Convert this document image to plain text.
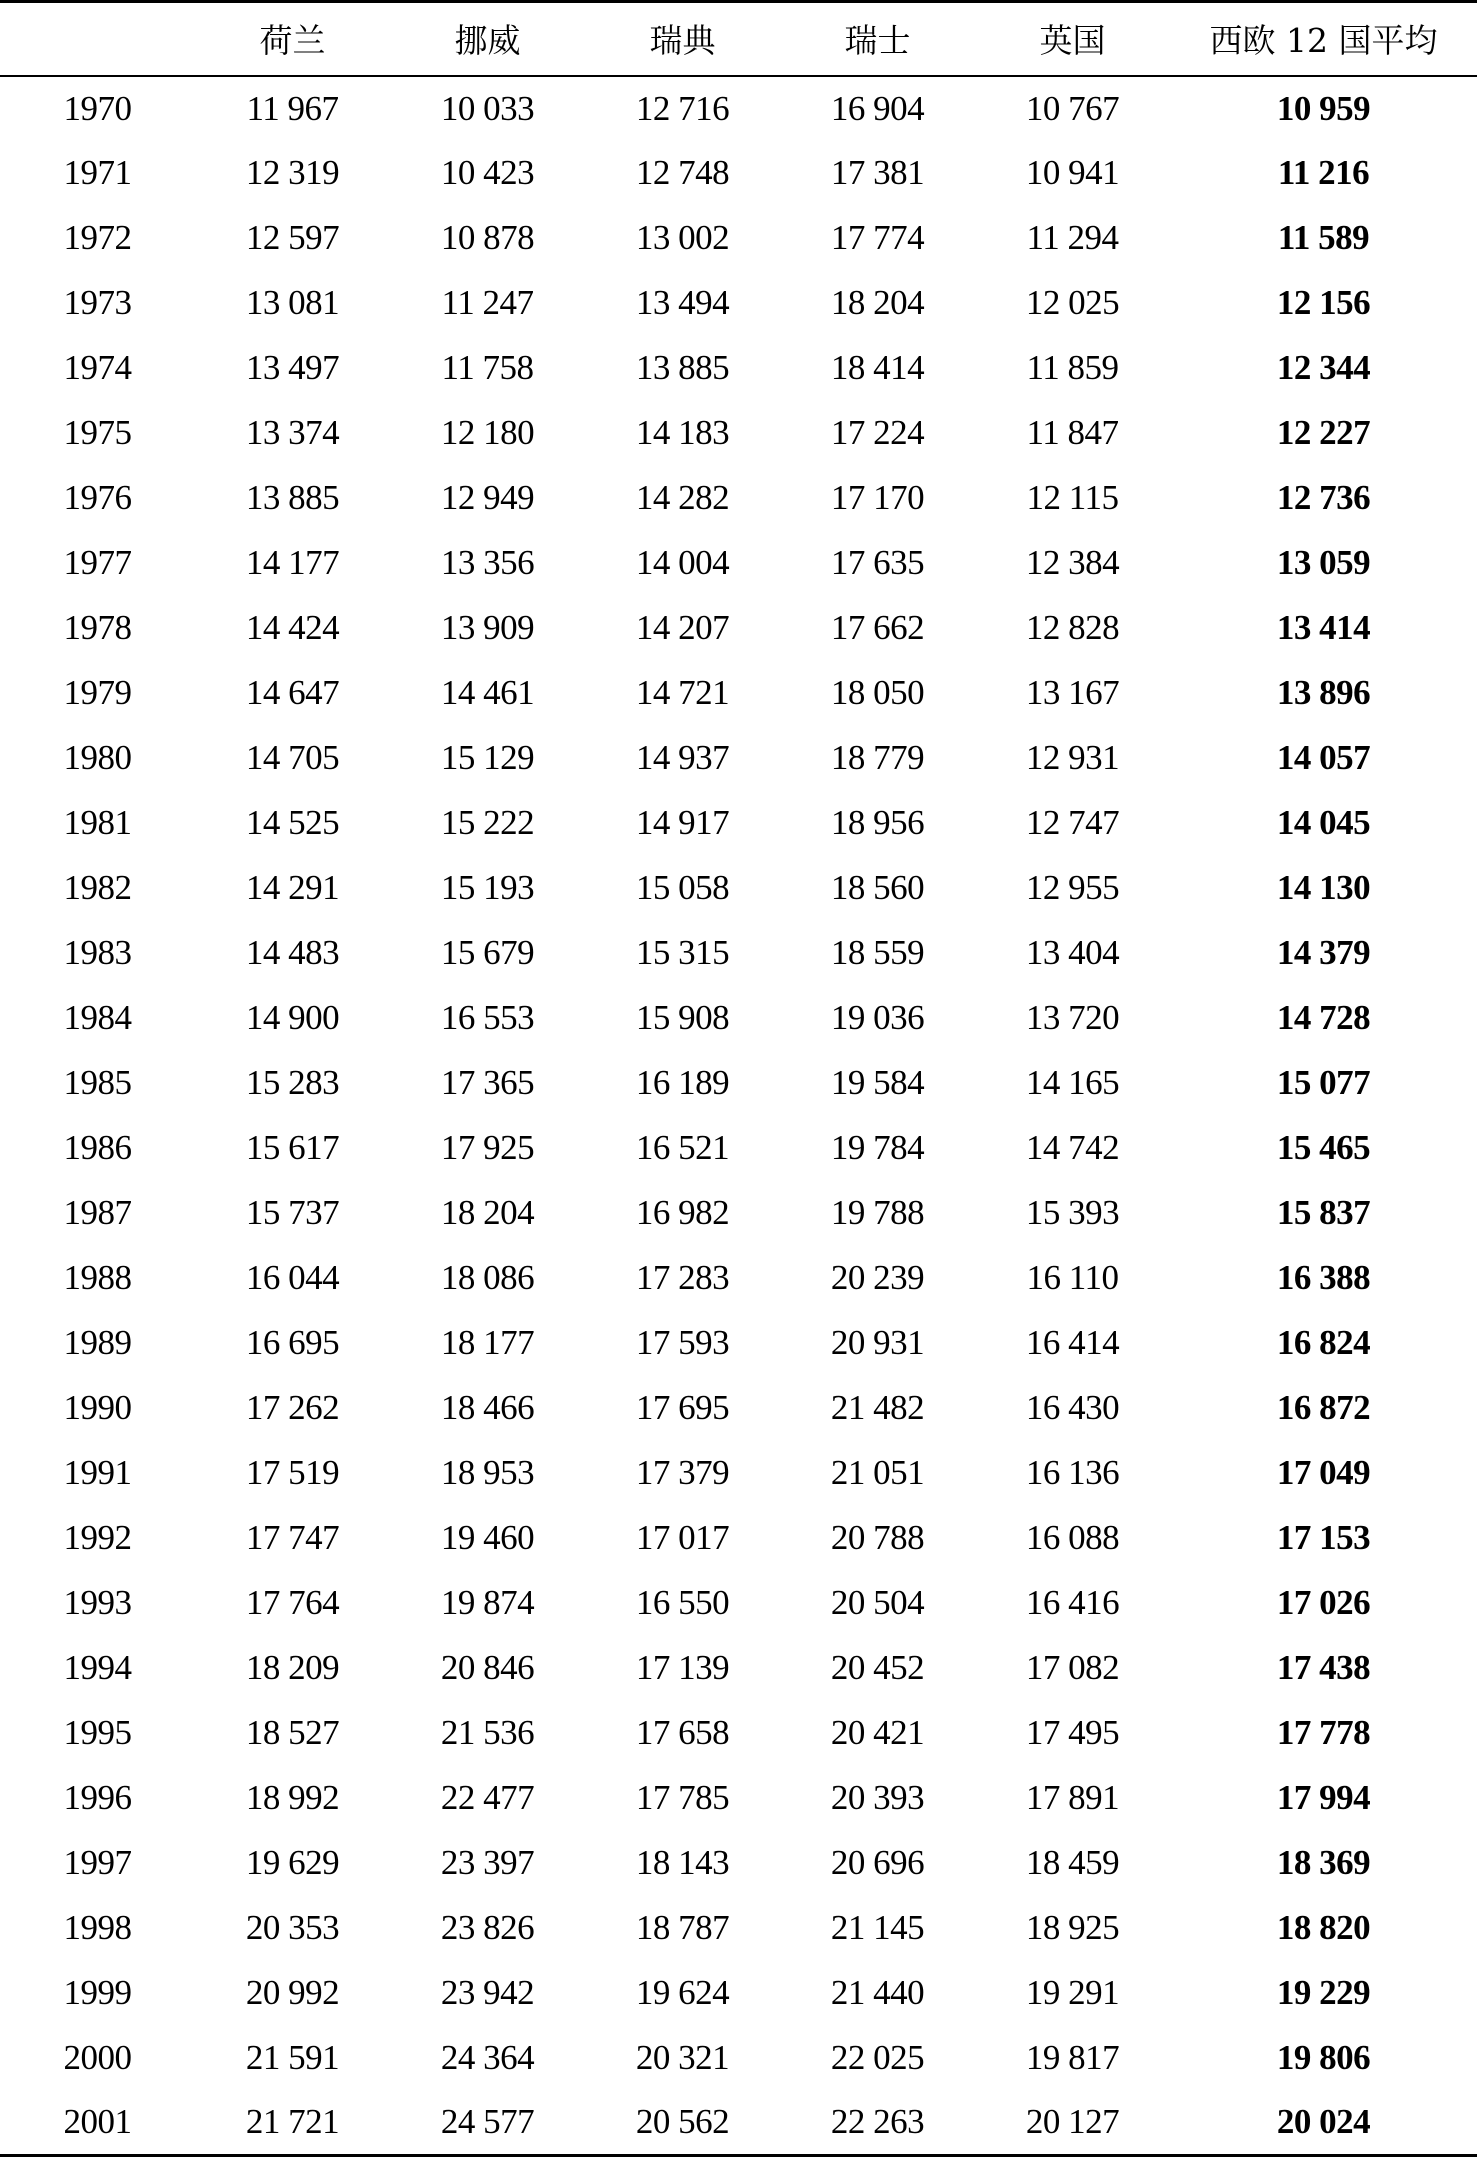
	荷兰	挪威	瑞典	瑞士	英国	西欧 12 国平均
1970	11 967	10 033	12 716	16 904	10 767	10 959
1971	12 319	10 423	12 748	17 381	10 941	11 216
1972	12 597	10 878	13 002	17 774	11 294	11 589
1973	13 081	11 247	13 494	18 204	12 025	12 156
1974	13 497	11 758	13 885	18 414	11 859	12 344
1975	13 374	12 180	14 183	17 224	11 847	12 227
1976	13 885	12 949	14 282	17 170	12 115	12 736
1977	14 177	13 356	14 004	17 635	12 384	13 059
1978	14 424	13 909	14 207	17 662	12 828	13 414
1979	14 647	14 461	14 721	18 050	13 167	13 896
1980	14 705	15 129	14 937	18 779	12 931	14 057
1981	14 525	15 222	14 917	18 956	12 747	14 045
1982	14 291	15 193	15 058	18 560	12 955	14 130
1983	14 483	15 679	15 315	18 559	13 404	14 379
1984	14 900	16 553	15 908	19 036	13 720	14 728
1985	15 283	17 365	16 189	19 584	14 165	15 077
1986	15 617	17 925	16 521	19 784	14 742	15 465
1987	15 737	18 204	16 982	19 788	15 393	15 837
1988	16 044	18 086	17 283	20 239	16 110	16 388
1989	16 695	18 177	17 593	20 931	16 414	16 824
1990	17 262	18 466	17 695	21 482	16 430	16 872
1991	17 519	18 953	17 379	21 051	16 136	17 049
1992	17 747	19 460	17 017	20 788	16 088	17 153
1993	17 764	19 874	16 550	20 504	16 416	17 026
1994	18 209	20 846	17 139	20 452	17 082	17 438
1995	18 527	21 536	17 658	20 421	17 495	17 778
1996	18 992	22 477	17 785	20 393	17 891	17 994
1997	19 629	23 397	18 143	20 696	18 459	18 369
1998	20 353	23 826	18 787	21 145	18 925	18 820
1999	20 992	23 942	19 624	21 440	19 291	19 229
2000	21 591	24 364	20 321	22 025	19 817	19 806
2001	21 721	24 577	20 562	22 263	20 127	20 024
